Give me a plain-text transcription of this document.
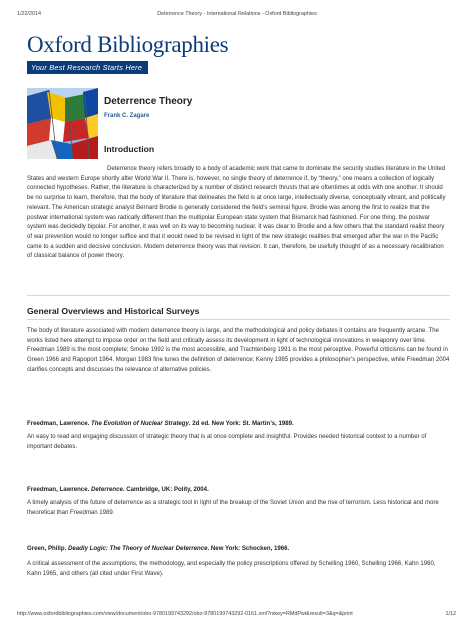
1/22/2014	Deterrence Theory - International Relations - Oxford Bibliographies
Oxford Bibliographies
Your Best Research Starts Here
Deterrence Theory
Frank C. Zagare
Introduction
Deterrence theory refers broadly to a body of academic work that came to dominate the security studies literature in the United States and western Europe shortly after World War II. There is, however, no single theory of deterrence if, by “theory,” one means a collection of logically connected hypotheses. Rather, the literature is characterized by a number of distinct research thrusts that are oftentimes at odds with one another. It should be no surprise to learn, therefore, that the body of literature that delineates the field is at once large, intellectually diverse, conceptually vibrant, and politically relevant. The American strategic analyst Bernard Brodie is generally considered the field’s seminal figure. Brodie was among the first to realize that the postwar international system was radically different than the multipolar European state system that Bismarck had fashioned. For one thing, the postwar system was decidedly bipolar. For another, it was well on its way to becoming nuclear. It was clear to Brodie and a few others that the standard realist theory of war prevention would no longer suffice and that it would need to be revised in light of the new strategic realities that emerged after the war in the Pacific came to a sudden and decisive conclusion. Modern deterrence theory was that revision. It can, therefore, be usefully thought of as a necessary recalibration of classical balance of power theory.
General Overviews and Historical Surveys
The body of literature associated with modern deterrence theory is large, and the methodological and policy debates it contains are frequently arcane. The works listed here attempt to impose order on the field and critically assess its development in light of technological innovations in weaponry over time. Freedman 1989 is the most complete; Smoke 1992 is the most accessible, and Trachtenberg 1991 is the most perceptive. Powerful criticisms can be found in Green 1966 and Rapoport 1964. Morgan 1983 fine tunes the definition of deterrence; Kenny 1985 provides a philosopher’s perspective, while Freedman 2004 clarifies concepts and discusses the relevance of alternative policies.
Freedman, Lawrence. The Evolution of Nuclear Strategy. 2d ed. New York: St. Martin’s, 1989.
An easy to read and engaging discussion of strategic theory that is at once complete and insightful. Provides needed historical context to a number of important debates.
Freedman, Lawrence. Deterrence. Cambridge, UK: Polity, 2004.
A timely analysis of the future of deterrence as a strategic tool in light of the breakup of the Soviet Union and the rise of terrorism. Less historical and more theoretical than Freedman 1989.
Green, Philip. Deadly Logic: The Theory of Nuclear Deterrence. New York: Schocken, 1966.
A critical assessment of the assumptions, the methodology, and especially the policy prescriptions offered by Schelling 1960, Schelling 1966, Kahn 1960, Kahn 1965, and others (all cited under First Wave).
http://www.oxfordbibliographies.com/view/document/obo-9780199743292/obo-9780199743292-0161.xml?rskey=RMdPwi&result=3&q=&print	1/12
